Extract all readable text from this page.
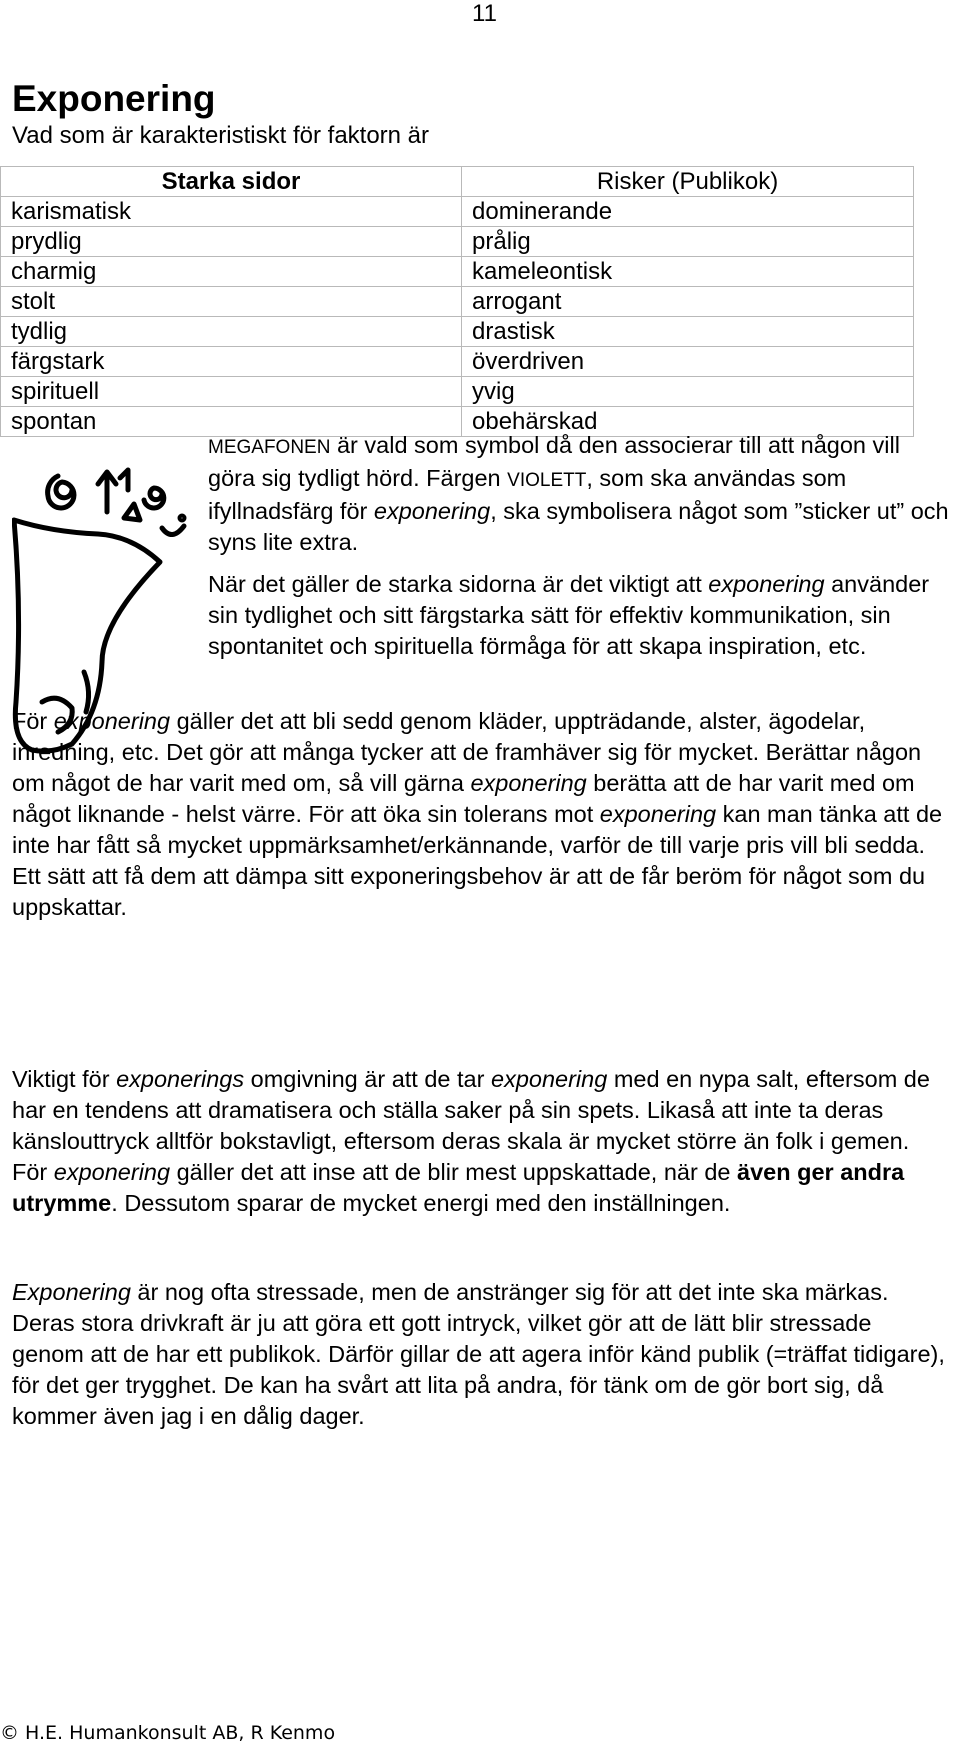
11
Exponering
Vad som är karakteristiskt för faktorn är
Starka sidor	Risker (Publikok)
karismatisk	dominerande
prydlig	prålig
charmig	kameleontisk
stolt	arrogant
tydlig	drastisk
färgstark	överdriven
spirituell	yvig
spontan	obehärskad

MEGAFONEN är vald som symbol då den associerar till att någon vill göra sig tydligt hörd. Färgen VIOLETT, som ska användas som ifyllnadsfärg för exponering, ska symbolisera något som ”sticker ut” och syns lite extra.

När det gäller de starka sidorna är det viktigt att exponering använder sin tydlighet och sitt färgstarka sätt för effektiv kommunikation, sin spontanitet och spirituella förmåga för att skapa inspiration, etc.

För exponering gäller det att bli sedd genom kläder, uppträdande, alster, ägodelar, inredning, etc. Det gör att många tycker att de framhäver sig för mycket. Berättar någon om något de har varit med om, så vill gärna exponering berätta att de har varit med om något liknande - helst värre. För att öka sin tolerans mot exponering kan man tänka att de inte har fått så mycket uppmärksamhet/erkännande, varför de till varje pris vill bli sedda. Ett sätt att få dem att dämpa sitt exponeringsbehov är att de får beröm för något som du uppskattar.

Viktigt för exponerings omgivning är att de tar exponering med en nypa salt, eftersom de har en tendens att dramatisera och ställa saker på sin spets. Likaså att inte ta deras känslouttryck alltför bokstavligt, eftersom deras skala är mycket större än folk i gemen. För exponering gäller det att inse att de blir mest uppskattade, när de även ger andra utrymme. Dessutom sparar de mycket energi med den inställningen.

Exponering är nog ofta stressade, men de anstränger sig för att det inte ska märkas. Deras stora drivkraft är ju att göra ett gott intryck, vilket gör att de lätt blir stressade genom att de har ett publikok. Därför gillar de att agera inför känd publik (=träffat tidigare), för det ger trygghet. De kan ha svårt att lita på andra, för tänk om de gör bort sig, då kommer även jag i en dålig dager.

© H.E. Humankonsult AB, R Kenmo
